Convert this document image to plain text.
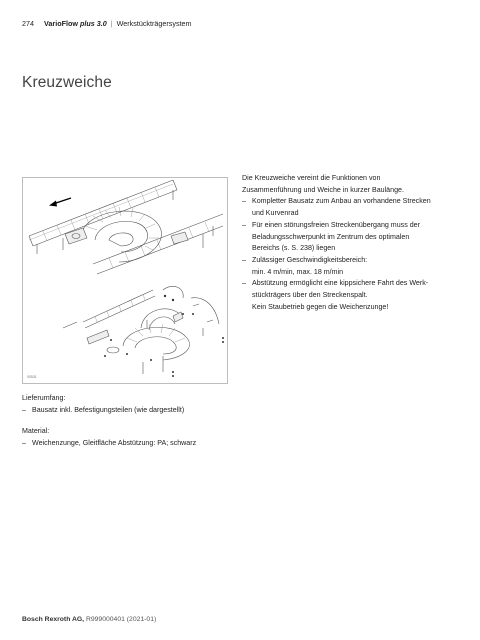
274 VarioFlow plus 3.0 | Werkstückträgersystem
Kreuzweiche
00531

Die Kreuzweiche vereint die Funktionen von
Zusammenführung und Weiche in kurzer Baulänge.

– Kompletter Bausatz zum Anbau an vorhandene Strecken
und Kurvenrad
– Für einen störungsfreien Streckenübergang muss der
Beladungsschwerpunkt im Zentrum des optimalen
Bereichs (s. S. 238) liegen
– Zulässiger Geschwindigkeitsbereich:
min. 4 m/min, max. 18 m/min
– Abstützung ermöglicht eine kippsichere Fahrt des Werk-
stückträgers über den Streckenspalt.
Kein Staubetrieb gegen die Weichenzunge!
Lieferumfang:
– Bausatz inkl. Befestigungsteilen (wie dargestellt)
Material:
– Weichenzunge, Gleitfläche Abstützung: PA; schwarz
Bosch Rexroth AG, R999000401 (2021-01)
